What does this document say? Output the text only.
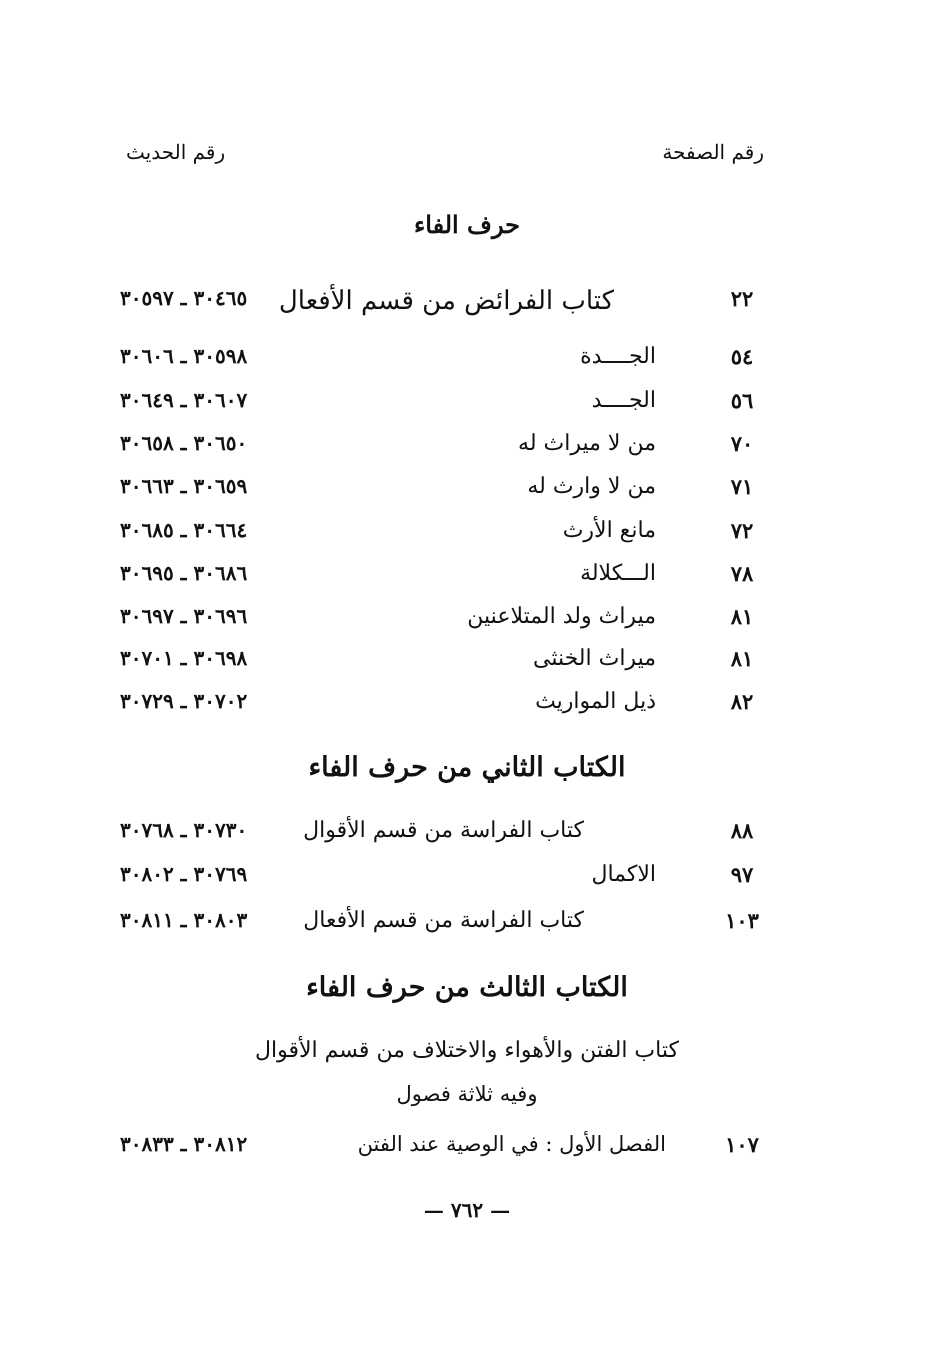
رقم الصفحة
رقم الحديث
حرف الفاء
٢٢
كتاب الفرائض من قسم الأفعال
٣٠٤٦٥ ـ ٣٠٥٩٧
٥٤
الجــــدة
٣٠٥٩٨ ـ ٣٠٦٠٦
٥٦
الجــــد
٣٠٦٠٧ ـ ٣٠٦٤٩
٧٠
من لا ميراث له
٣٠٦٥٠ ـ ٣٠٦٥٨
٧١
من لا وارث له
٣٠٦٥٩ ـ ٣٠٦٦٣
٧٢
مانع الأرث
٣٠٦٦٤ ـ ٣٠٦٨٥
٧٨
الـــكلالة
٣٠٦٨٦ ـ ٣٠٦٩٥
٨١
ميراث ولد المتلاعنين
٣٠٦٩٦ ـ ٣٠٦٩٧
٨١
ميراث الخنثى
٣٠٦٩٨ ـ ٣٠٧٠١
٨٢
ذيل المواريث
٣٠٧٠٢ ـ ٣٠٧٢٩
الكتاب الثاني من حرف الفاء
٨٨
كتاب الفراسة من قسم الأقوال
٣٠٧٣٠ ـ ٣٠٧٦٨
٩٧
الاكمال
٣٠٧٦٩ ـ ٣٠٨٠٢
١٠٣
كتاب الفراسة من قسم الأفعال
٣٠٨٠٣ ـ ٣٠٨١١
الكتاب الثالث من حرف الفاء
كتاب الفتن والأهواء والاختلاف من قسم الأقوال
وفيه ثلاثة فصول
١٠٧
الفصل الأول : في الوصية عند الفتن
٣٠٨١٢ ـ ٣٠٨٣٣
— ٧٦٢ —
